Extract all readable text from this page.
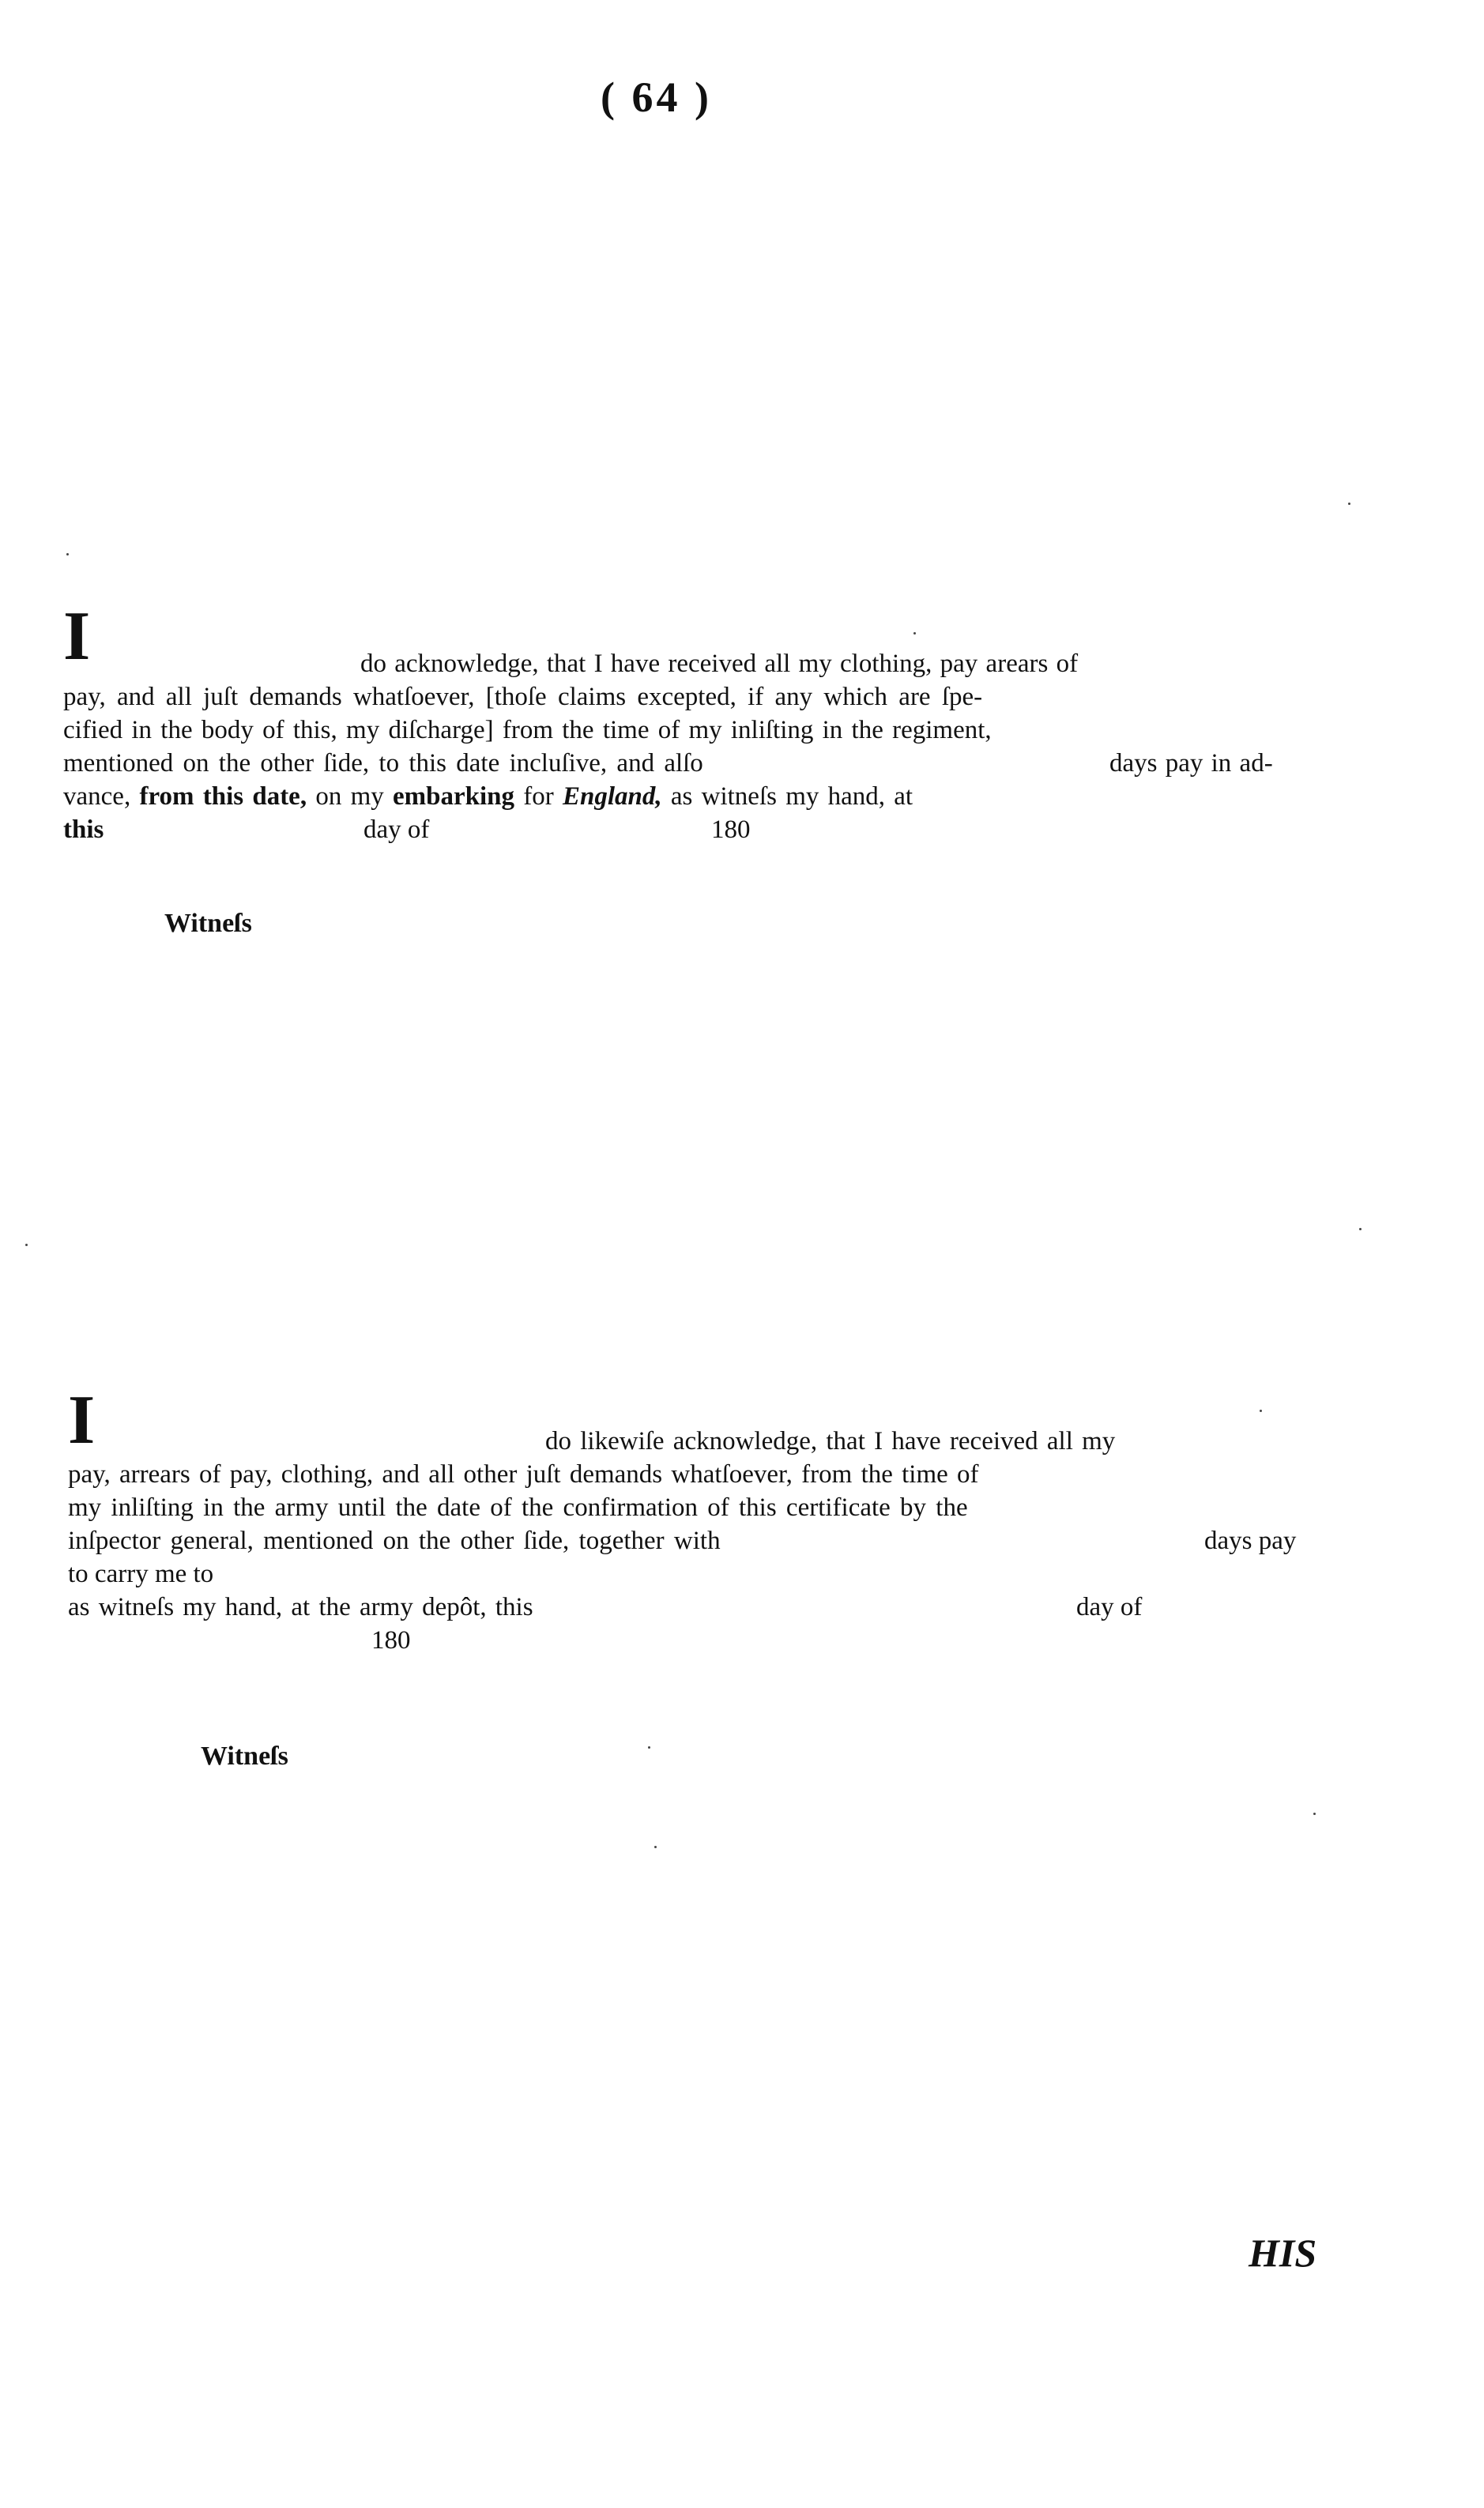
( 64 )
I	do acknowledge, that I have received all my clothing, pay arears of
pay, and all juſt demands whatſoever, [thoſe claims excepted, if any which are ſpe-
cified in the body of this, my diſcharge] from the time of my inliſting in the regiment,
mentioned on the other ſide, to this date incluſive, and alſo	days pay in ad-
vance, from this date, on my embarking for England, as witneſs my hand, at
this	day of	180
Witneſs
I	do likewiſe acknowledge, that I have received all my
pay, arrears of pay, clothing, and all other juſt demands whatſoever, from the time of
my inliſting in the army until the date of the confirmation of this certificate by the
inſpector general, mentioned on the other ſide, together with	days pay
to carry me to
as witneſs my hand, at the army depôt, this	day of
180
Witneſs
HIS
